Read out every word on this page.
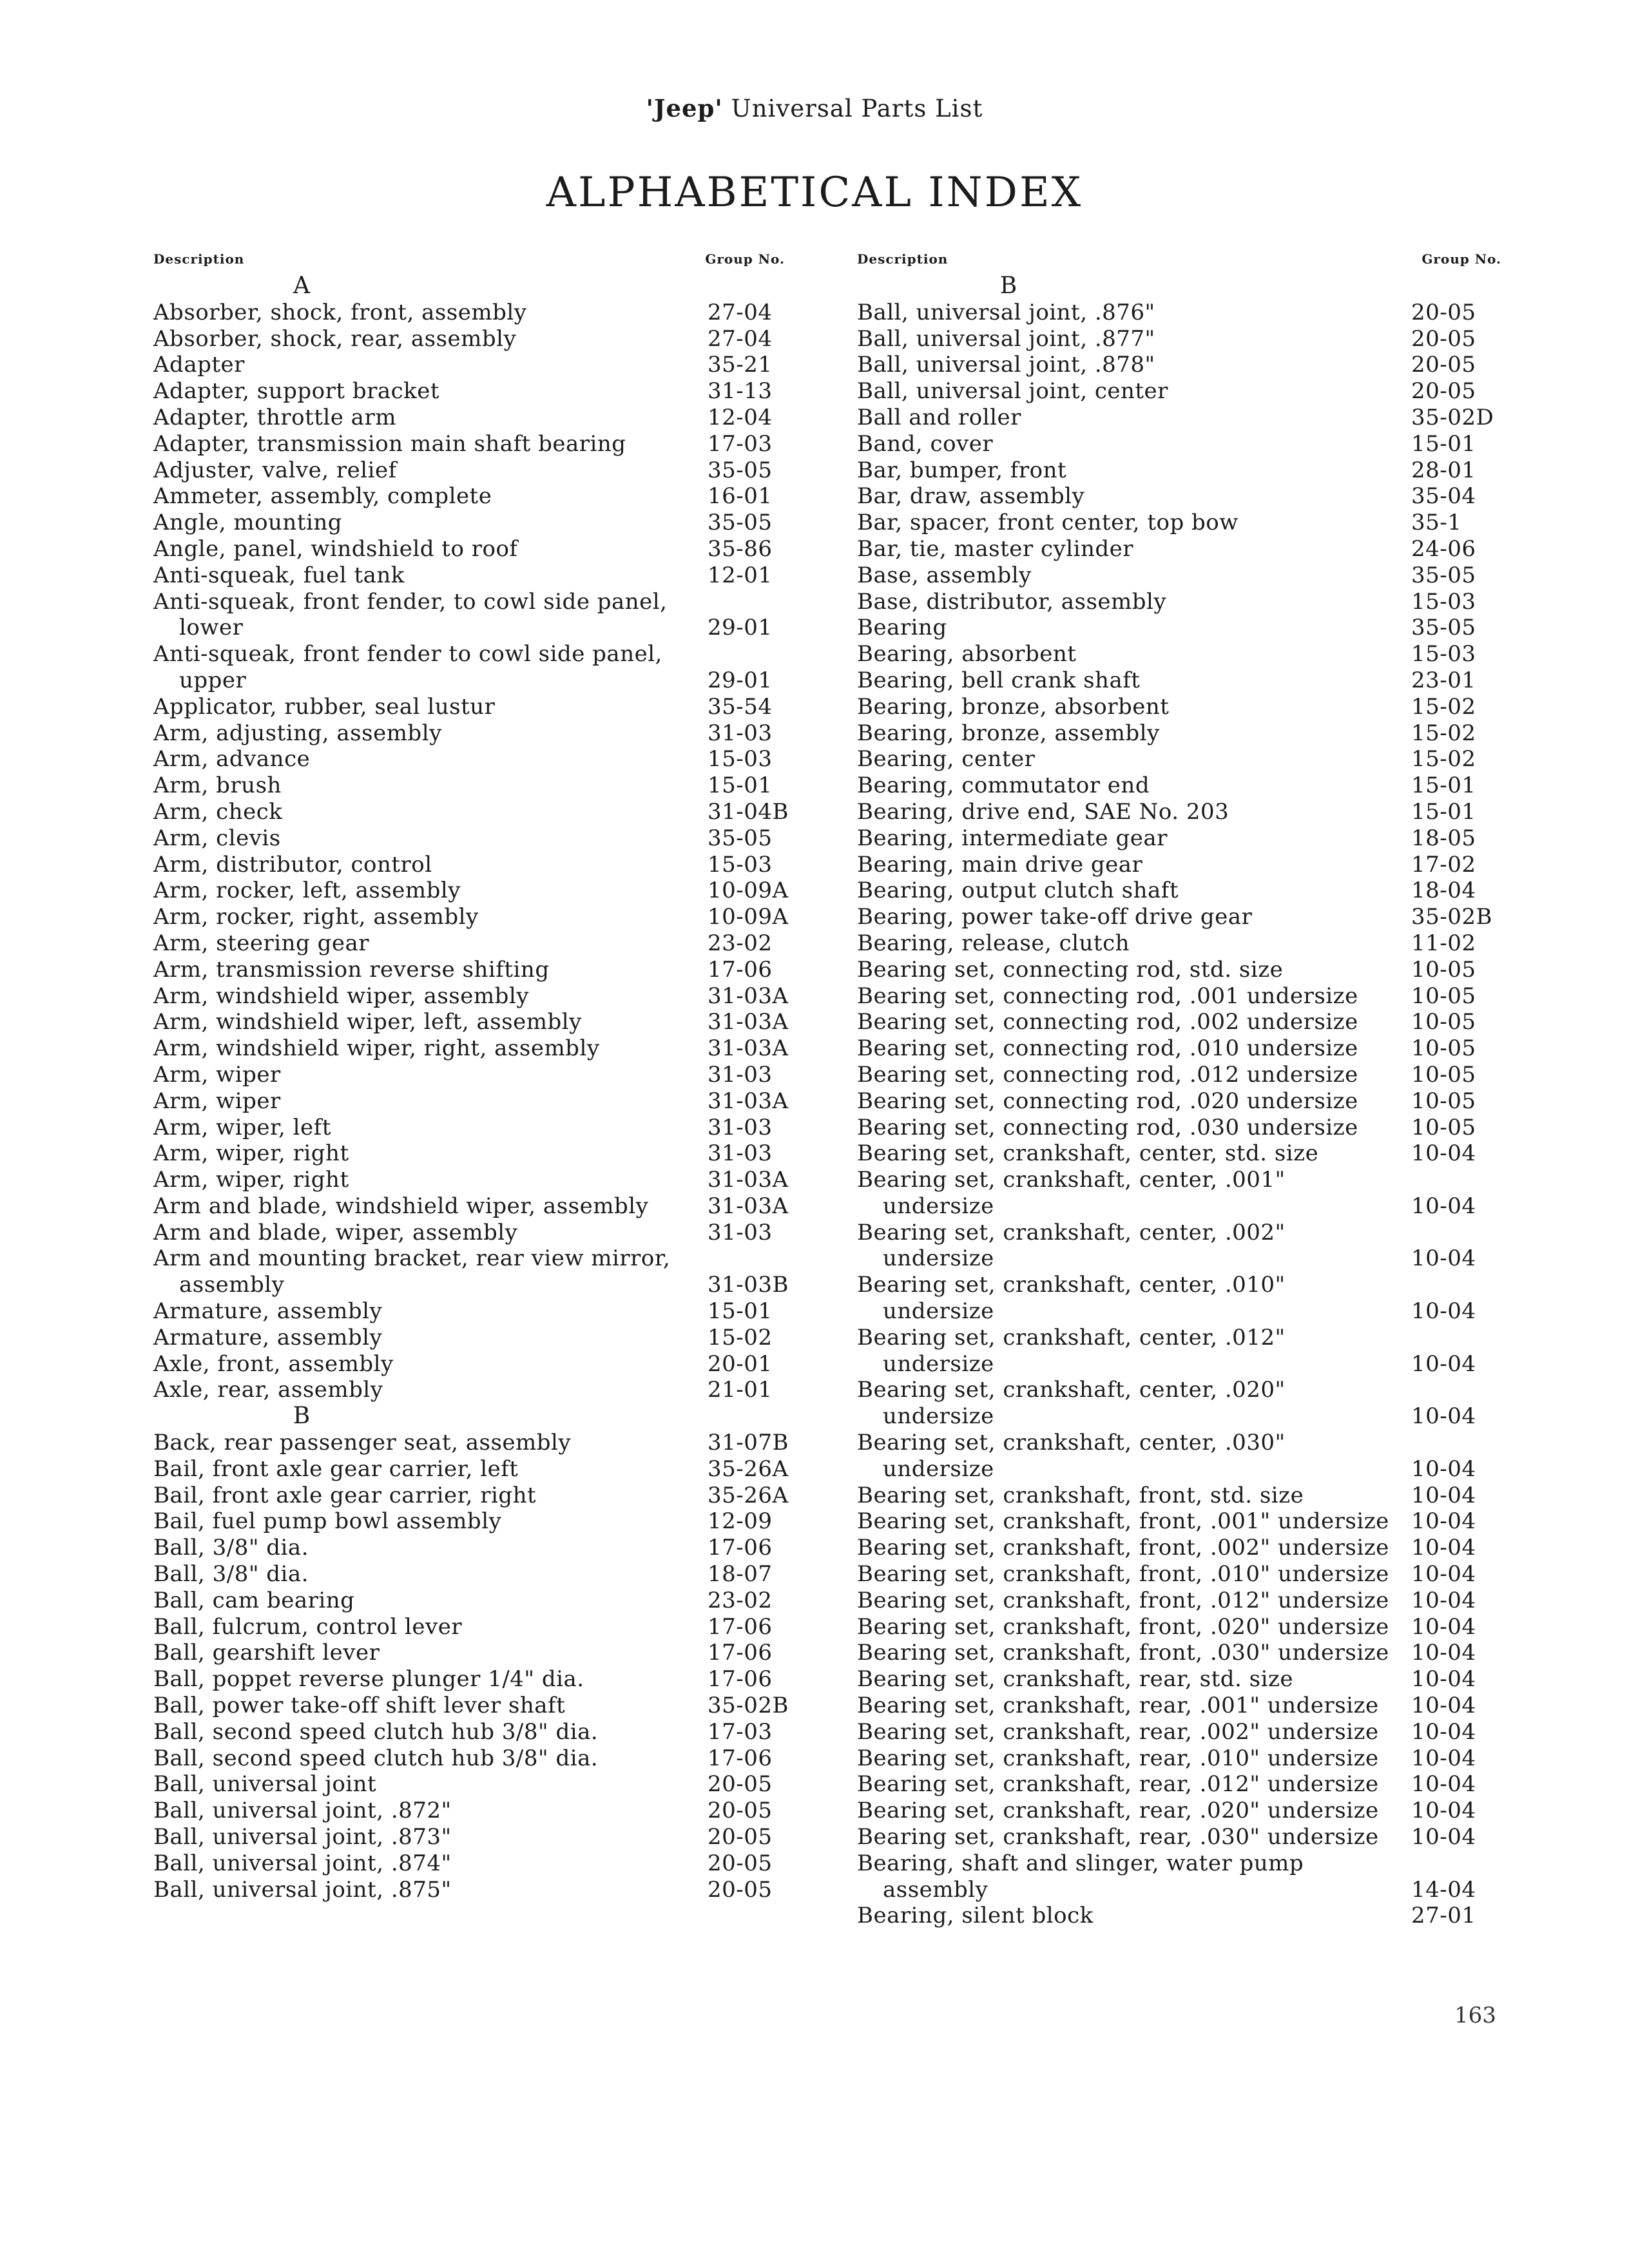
'Jeep' Universal Parts List
ALPHABETICAL INDEX
Description	Group No.
A
Absorber, shock, front, assembly	27-04
Absorber, shock, rear, assembly	27-04
Adapter	35-21
Adapter, support bracket	31-13
Adapter, throttle arm	12-04
Adapter, transmission main shaft bearing	17-03
Adjuster, valve, relief	35-05
Ammeter, assembly, complete	16-01
Angle, mounting	35-05
Angle, panel, windshield to roof	35-86
Anti-squeak, fuel tank	12-01
Anti-squeak, front fender, to cowl side panel,
lower	29-01
Anti-squeak, front fender to cowl side panel,
upper	29-01
Applicator, rubber, seal lustur	35-54
Arm, adjusting, assembly	31-03
Arm, advance	15-03
Arm, brush	15-01
Arm, check	31-04B
Arm, clevis	35-05
Arm, distributor, control	15-03
Arm, rocker, left, assembly	10-09A
Arm, rocker, right, assembly	10-09A
Arm, steering gear	23-02
Arm, transmission reverse shifting	17-06
Arm, windshield wiper, assembly	31-03A
Arm, windshield wiper, left, assembly	31-03A
Arm, windshield wiper, right, assembly	31-03A
Arm, wiper	31-03
Arm, wiper	31-03A
Arm, wiper, left	31-03
Arm, wiper, right	31-03
Arm, wiper, right	31-03A
Arm and blade, windshield wiper, assembly	31-03A
Arm and blade, wiper, assembly	31-03
Arm and mounting bracket, rear view mirror,
assembly	31-03B
Armature, assembly	15-01
Armature, assembly	15-02
Axle, front, assembly	20-01
Axle, rear, assembly	21-01
B
Back, rear passenger seat, assembly	31-07B
Bail, front axle gear carrier, left	35-26A
Bail, front axle gear carrier, right	35-26A
Bail, fuel pump bowl assembly	12-09
Ball, 3/8" dia.	17-06
Ball, 3/8" dia.	18-07
Ball, cam bearing	23-02
Ball, fulcrum, control lever	17-06
Ball, gearshift lever	17-06
Ball, poppet reverse plunger 1/4" dia.	17-06
Ball, power take-off shift lever shaft	35-02B
Ball, second speed clutch hub 3/8" dia.	17-03
Ball, second speed clutch hub 3/8" dia.	17-06
Ball, universal joint	20-05
Ball, universal joint, .872"	20-05
Ball, universal joint, .873"	20-05
Ball, universal joint, .874"	20-05
Ball, universal joint, .875"	20-05
Description	Group No.
B
Ball, universal joint, .876"	20-05
Ball, universal joint, .877"	20-05
Ball, universal joint, .878"	20-05
Ball, universal joint, center	20-05
Ball and roller	35-02D
Band, cover	15-01
Bar, bumper, front	28-01
Bar, draw, assembly	35-04
Bar, spacer, front center, top bow	35-1
Bar, tie, master cylinder	24-06
Base, assembly	35-05
Base, distributor, assembly	15-03
Bearing	35-05
Bearing, absorbent	15-03
Bearing, bell crank shaft	23-01
Bearing, bronze, absorbent	15-02
Bearing, bronze, assembly	15-02
Bearing, center	15-02
Bearing, commutator end	15-01
Bearing, drive end, SAE No. 203	15-01
Bearing, intermediate gear	18-05
Bearing, main drive gear	17-02
Bearing, output clutch shaft	18-04
Bearing, power take-off drive gear	35-02B
Bearing, release, clutch	11-02
Bearing set, connecting rod, std. size	10-05
Bearing set, connecting rod, .001 undersize 10-05
Bearing set, connecting rod, .002 undersize 10-05
Bearing set, connecting rod, .010 undersize 10-05
Bearing set, connecting rod, .012 undersize 10-05
Bearing set, connecting rod, .020 undersize 10-05
Bearing set, connecting rod, .030 undersize 10-05
Bearing set, crankshaft, center, std. size	10-04
Bearing set, crankshaft, center, .001"
undersize	10-04
Bearing set, crankshaft, center, .002"
undersize	10-04
Bearing set, crankshaft, center, .010"
undersize	10-04
Bearing set, crankshaft, center, .012"
undersize	10-04
Bearing set, crankshaft, center, .020"
undersize	10-04
Bearing set, crankshaft, center, .030"
undersize	10-04
Bearing set, crankshaft, front, std. size	10-04
Bearing set, crankshaft, front, .001" undersize 10-04
Bearing set, crankshaft, front, .002" undersize 10-04
Bearing set, crankshaft, front, .010" undersize 10-04
Bearing set, crankshaft, front, .012" undersize 10-04
Bearing set, crankshaft, front, .020" undersize 10-04
Bearing set, crankshaft, front, .030" undersize 10-04
Bearing set, crankshaft, rear, std. size	10-04
Bearing set, crankshaft, rear, .001" undersize 10-04
Bearing set, crankshaft, rear, .002" undersize 10-04
Bearing set, crankshaft, rear, .010" undersize 10-04
Bearing set, crankshaft, rear, .012" undersize 10-04
Bearing set, crankshaft, rear, .020" undersize 10-04
Bearing set, crankshaft, rear, .030" undersize 10-04
Bearing, shaft and slinger, water pump
assembly	14-04
Bearing, silent block	27-01
163
